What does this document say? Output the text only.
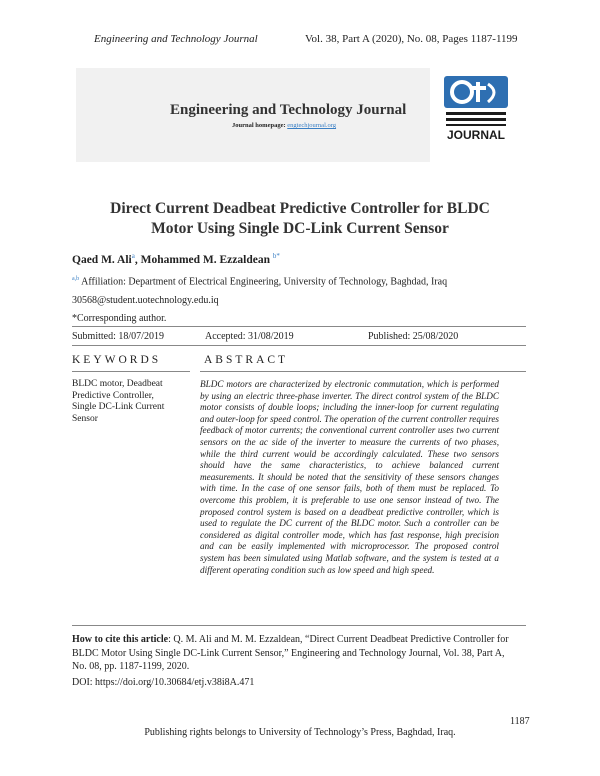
Engineering and Technology Journal	Vol. 38, Part A (2020), No. 08, Pages 1187-1199
Engineering and Technology Journal
Journal homepage: engtechjournal.org
JOURNAL
Direct Current Deadbeat Predictive Controller for BLDC
Motor Using Single DC-Link Current Sensor
Qaed M. Ali$^a$, Mohammed M. Ezzaldean $^{b*}$
$^{a,b}$ Affiliation: Department of Electrical Engineering, University of Technology, Baghdad, Iraq
30568@student.uotechnology.edu.iq
*Corresponding author.
Submitted: 18/07/2019	Accepted: 31/08/2019	Published: 25/08/2020
KEYWORDS	ABSTRACT
BLDC motor, Deadbeat
Predictive Controller,
Single DC-Link Current
Sensor
BLDC motors are characterized by electronic commutation, which is performed by using an electric three-phase inverter. The direct control system of the BLDC motor consists of double loops; including the inner-loop for current regulating and outer-loop for speed control. The operation of the current controller requires feedback of motor currents; the conventional current controller uses two current sensors on the ac side of the inverter to measure the currents of two phases, while the third current would be accordingly calculated. These two sensors should have the same characteristics, to achieve balanced current measurements. It should be noted that the sensitivity of these sensors changes with time. In the case of one sensor fails, both of them must be replaced. To overcome this problem, it is preferable to use one sensor instead of two. The proposed control system is based on a deadbeat predictive controller, which is used to regulate the DC current of the BLDC motor. Such a controller can be considered as digital controller mode, which has fast response, high precision and can be easily implemented with microprocessor. The proposed control system has been simulated using Matlab software, and the system is tested at a different operating condition such as low speed and high speed.
How to cite this article: Q. M. Ali and M. M. Ezzaldean, “Direct Current Deadbeat Predictive Controller for BLDC Motor Using Single DC-Link Current Sensor,” Engineering and Technology Journal, Vol. 38, Part A, No. 08, pp. 1187-1199, 2020.
DOI: https://doi.org/10.30684/etj.v38i8A.471
1187
Publishing rights belongs to University of Technology’s Press, Baghdad, Iraq.
